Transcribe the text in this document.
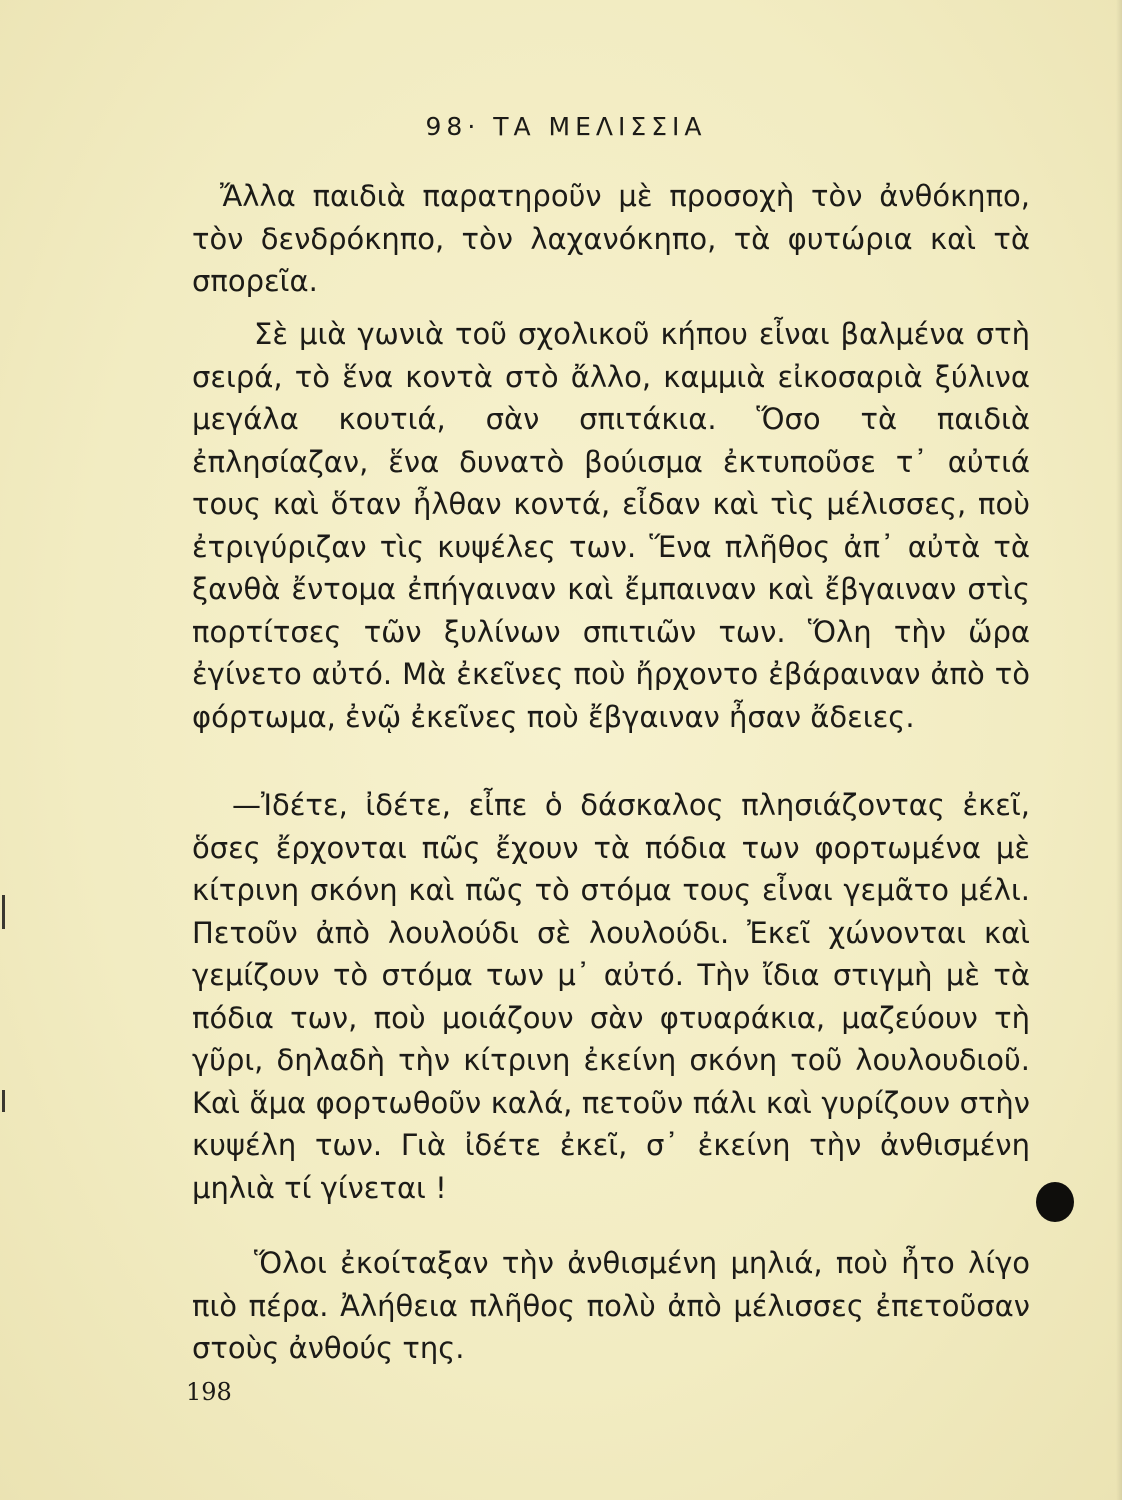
98· ΤΑ ΜΕΛΙΣΣΙΑ

Ἄλλα παιδιὰ παρατηροῦν μὲ προσοχὴ τὸν ἀνθόκηπο, τὸν δενδρόκηπο, τὸν λαχανόκηπο, τὰ φυτώρια καὶ τὰ σπορεῖα.

Σὲ μιὰ γωνιὰ τοῦ σχολικοῦ κήπου εἶναι βαλμένα στὴ σειρά, τὸ ἕνα κοντὰ στὸ ἄλλο, καμμιὰ εἰκοσαριὰ ξύλινα μεγάλα κουτιά, σὰν σπιτάκια. Ὅσο τὰ παιδιὰ ἐπλησίαζαν, ἕνα δυνατὸ βούισμα ἐκτυποῦσε τ᾽ αὐτιά τους καὶ ὅταν ἦλθαν κοντά, εἶδαν καὶ τὶς μέλισσες, ποὺ ἐτριγύριζαν τὶς κυψέλες των. Ἕνα πλῆθος ἀπ᾽ αὐτὰ τὰ ξανθὰ ἔντομα ἐπήγαιναν καὶ ἔμπαιναν καὶ ἔβγαιναν στὶς πορτίτσες τῶν ξυλίνων σπιτιῶν των. Ὅλη τὴν ὥρα ἐγίνετο αὐτό. Μὰ ἐκεῖνες ποὺ ἤρχοντο ἐβάραιναν ἀπὸ τὸ φόρτωμα, ἐνῷ ἐκεῖνες ποὺ ἔβγαιναν ἦσαν ἄδειες.

—Ἰδέτε, ἰδέτε, εἶπε ὁ δάσκαλος πλησιάζοντας ἐκεῖ, ὅσες ἔρχονται πῶς ἔχουν τὰ πόδια των φορτωμένα μὲ κίτρινη σκόνη καὶ πῶς τὸ στόμα τους εἶναι γεμᾶτο μέλι. Πετοῦν ἀπὸ λουλούδι σὲ λουλούδι. Ἐκεῖ χώνονται καὶ γεμίζουν τὸ στόμα των μ᾽ αὐτό. Τὴν ἴδια στιγμὴ μὲ τὰ πόδια των, ποὺ μοιάζουν σὰν φτυαράκια, μαζεύουν τὴ γῦρι, δηλαδὴ τὴν κίτρινη ἐκείνη σκόνη τοῦ λουλουδιοῦ. Καὶ ἅμα φορτωθοῦν καλά, πετοῦν πάλι καὶ γυρίζουν στὴν κυψέλη των. Γιὰ ἰδέτε ἐκεῖ, σ᾽ ἐκείνη τὴν ἀνθισμένη μηλιὰ τί γίνεται !

Ὅλοι ἐκοίταξαν τὴν ἀνθισμένη μηλιά, ποὺ ἦτο λίγο πιὸ πέρα. Ἀλήθεια πλῆθος πολὺ ἀπὸ μέλισσες ἐπετοῦσαν στοὺς ἀνθούς της.

198
